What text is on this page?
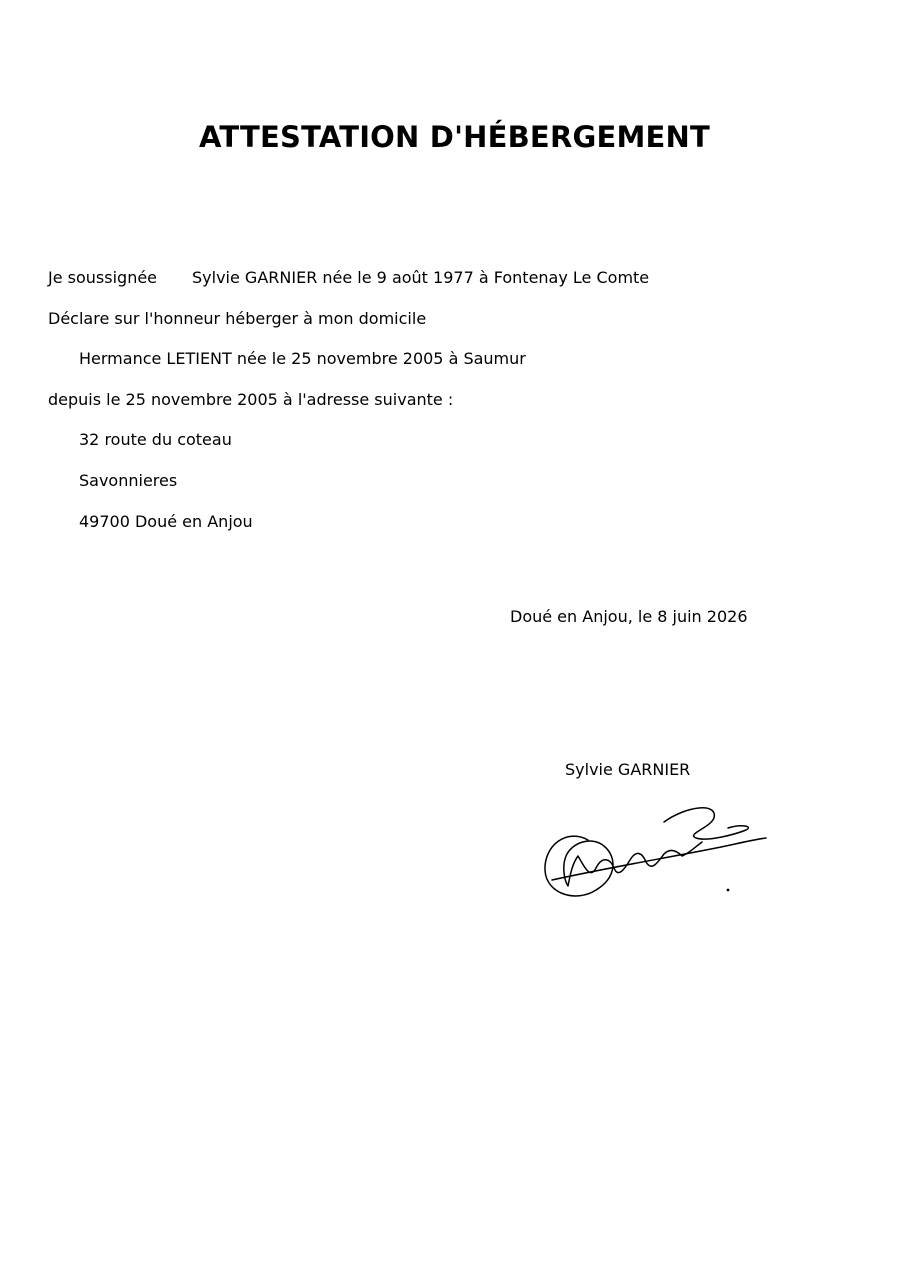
ATTESTATION D'HÉBERGEMENT
Je soussignée Sylvie GARNIER née le 9 août 1977 à Fontenay Le Comte
Déclare sur l'honneur héberger à mon domicile
Hermance LETIENT née le 25 novembre 2005 à Saumur
depuis le 25 novembre 2005 à l'adresse suivante :
32 route du coteau
Savonnieres
49700 Doué en Anjou
Doué en Anjou, le 8 juin 2026
Sylvie GARNIER
